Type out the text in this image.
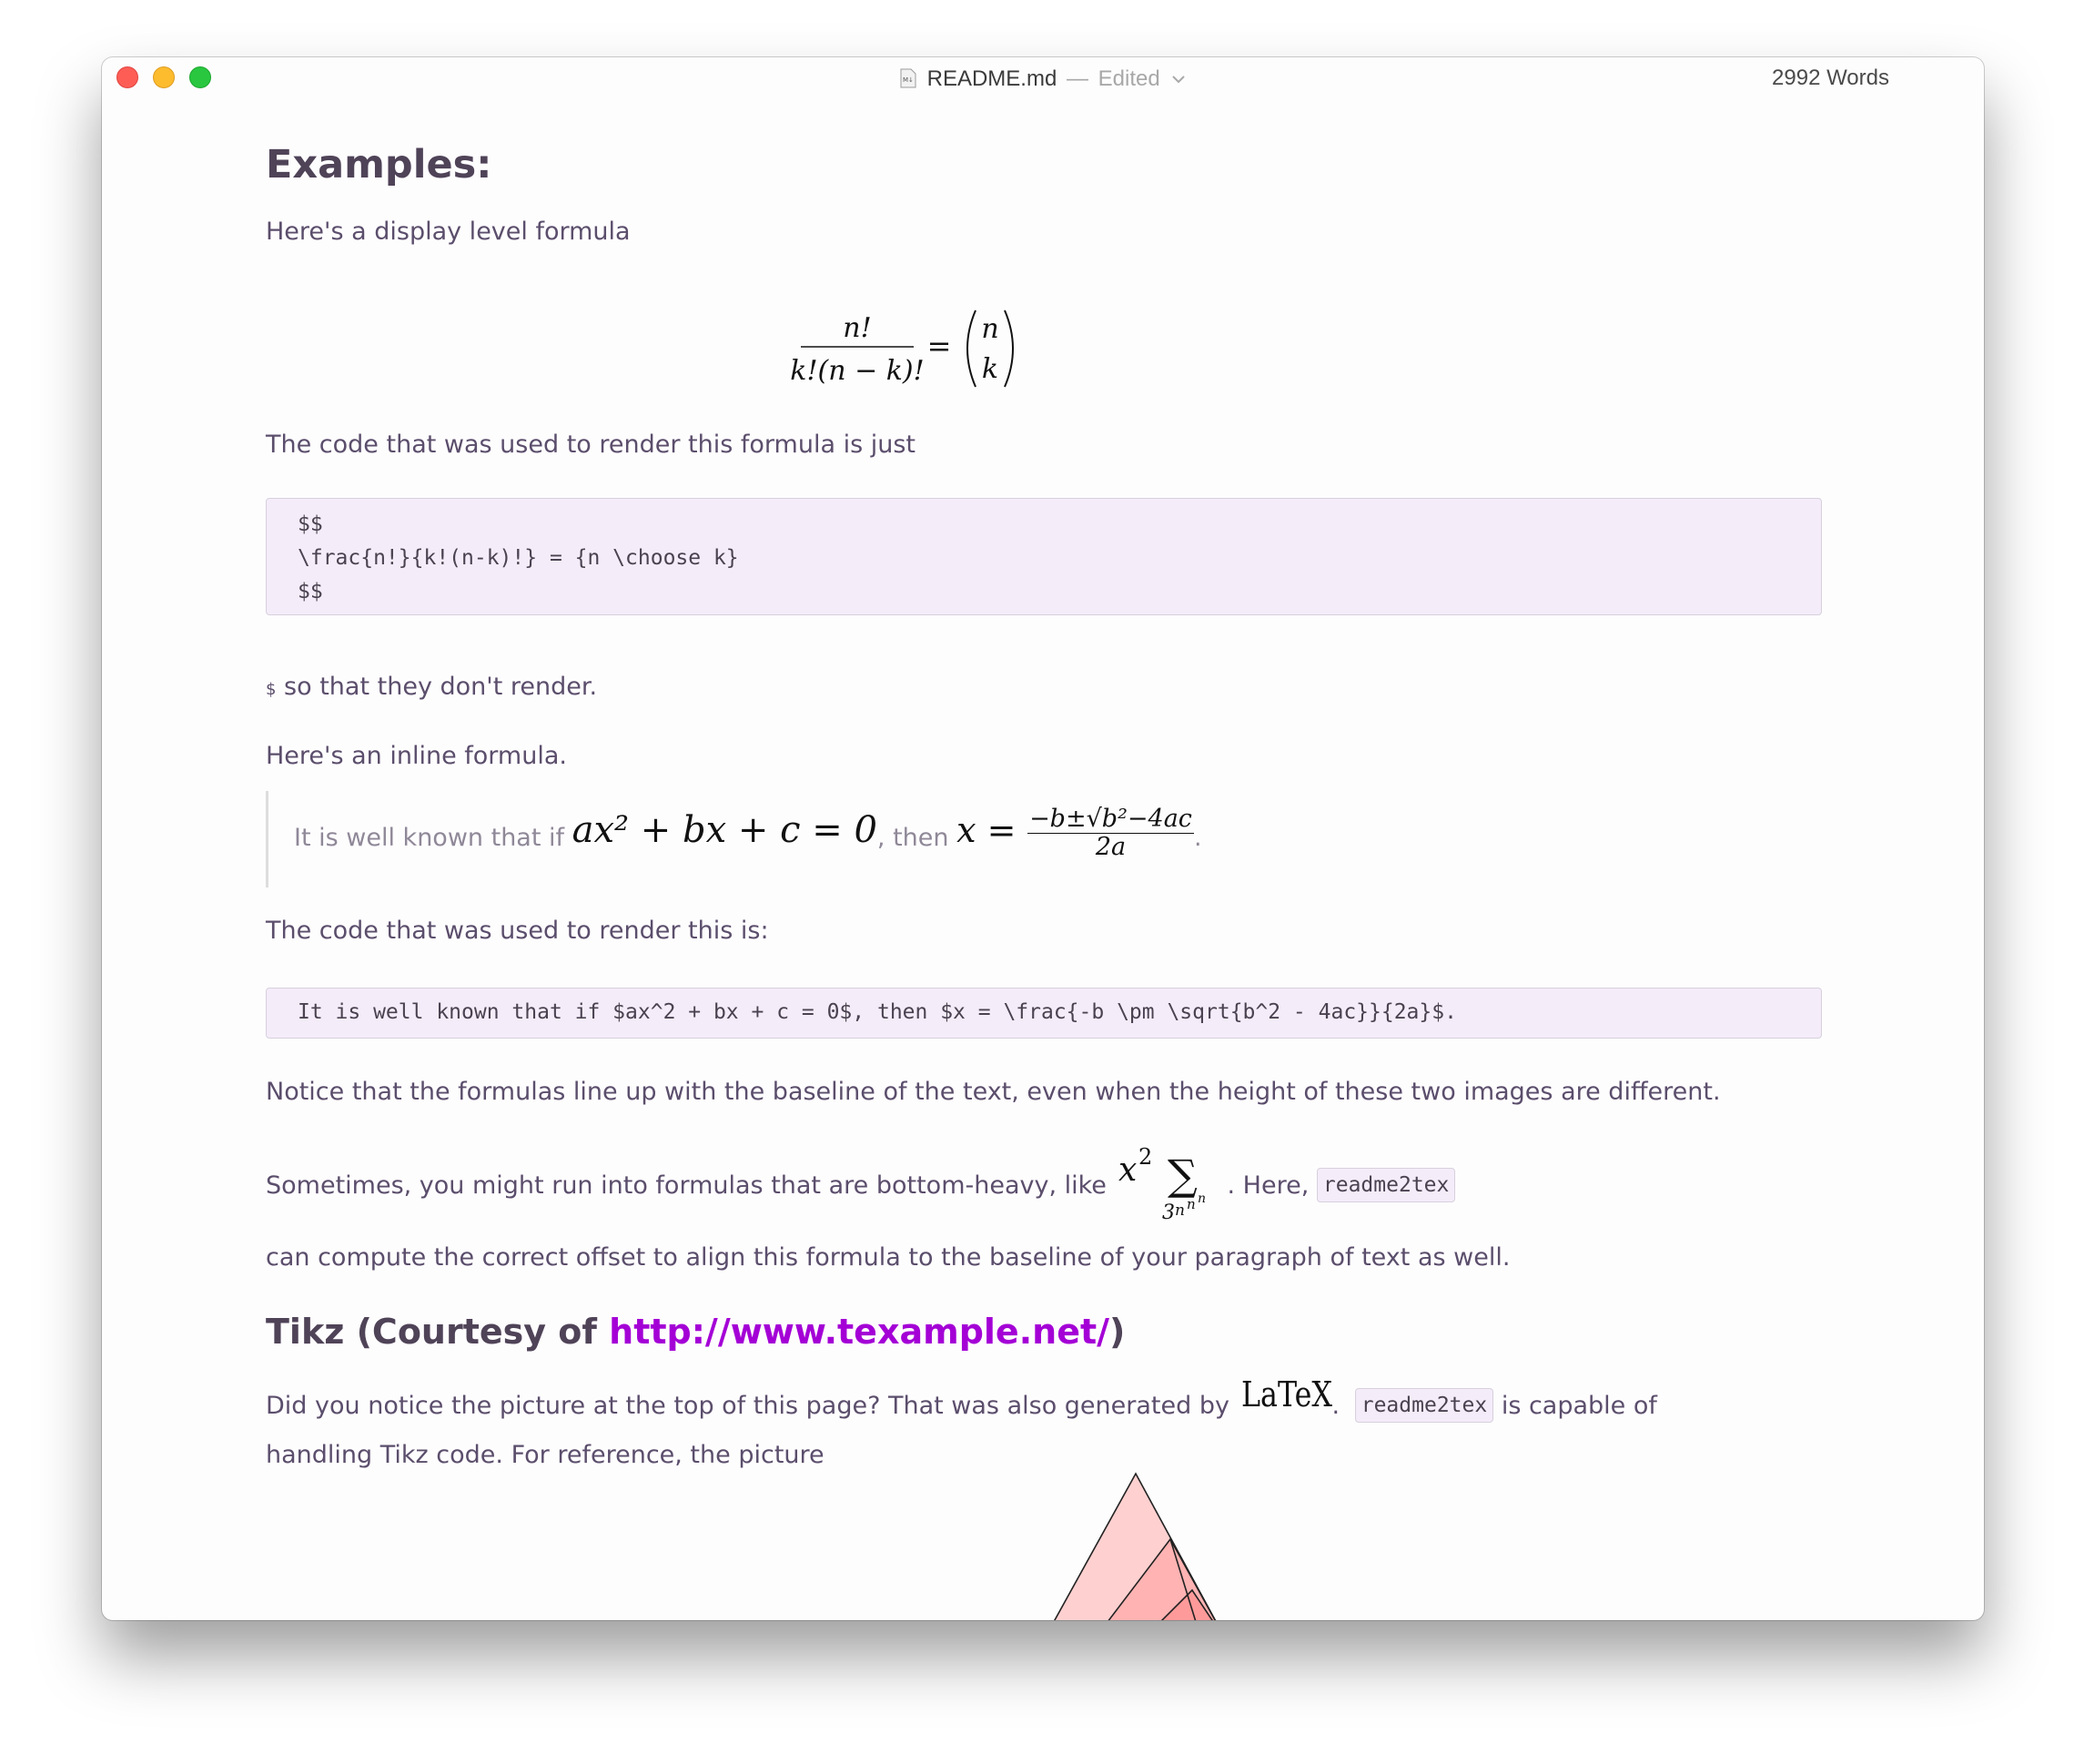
M↓ README.md — Edited	2992 Words
Examples:

Here's a display level formula

n!
k!(n − k)!
= n
k

The code that was used to render this formula is just

$$
\frac{n!}{k!(n-k)!} = {n \choose k}
$$

$ so that they don't render.

Here's an inline formula.

It is well known that if ax² + bx + c = 0, then $x = \frac{\text{−b±√b²−4ac}}{2a}$ .

The code that was used to render this is:

It is well known that if $ax^2 + bx + c = 0$, then $x = \frac{-b \pm \sqrt{b^2 - 4ac}}{2a}$.

Notice that the formulas line up with the baseline of the text, even when the height of these two images are different.

Sometimes, you might run into formulas that are bottom-heavy, like x 2 ∑
3 n n n . Here, readme2tex

can compute the correct offset to align this formula to the baseline of your paragraph of text as well.

Tikz (Courtesy of http://www.texample.net/)

Did you notice the picture at the top of this page? That was also generated by LaTeX . readme2tex is capable of

handling Tikz code. For reference, the picture
